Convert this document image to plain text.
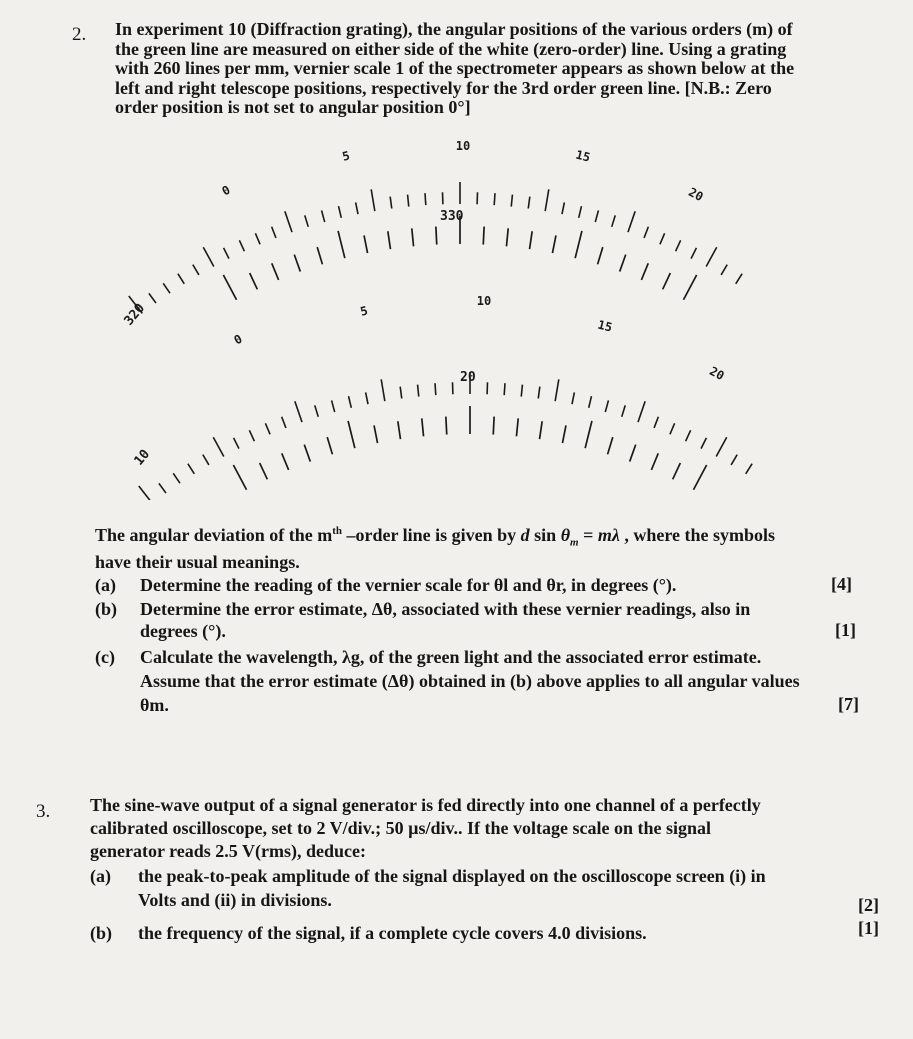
2. In experiment 10 (Diffraction grating), the angular positions of the various orders (m) of
the green line are measured on either side of the white (zero-order) line. Using a grating
with 260 lines per mm, vernier scale 1 of the spectrometer appears as shown below at the
left and right telescope positions, respectively for the 3rd order green line. [N.B.: Zero
order position is not set to angular position 0°]
320
330
0
5
10
15
20
10
20
0
5
10
15
20
The angular deviation of the $m^{th}$ –order line is given by d $\sin \theta_m = m\lambda$ , where the symbols
have their usual meanings.
(a) Determine the reading of the vernier scale for θl and θr, in degrees (°).	[4]
(b) Determine the error estimate, Δθ, associated with these vernier readings, also in
degrees (°).	[1]
(c) Calculate the wavelength, λg, of the green light and the associated error estimate.
Assume that the error estimate (Δθ) obtained in (b) above applies to all angular values
θm.	[7]
3. The sine-wave output of a signal generator is fed directly into one channel of a perfectly
calibrated oscilloscope, set to 2 V/div.; 50 µs/div.. If the voltage scale on the signal
generator reads 2.5 V(rms), deduce:
(a) the peak-to-peak amplitude of the signal displayed on the oscilloscope screen (i) in
Volts and (ii) in divisions.	[2]
(b) the frequency of the signal, if a complete cycle covers 4.0 divisions.	[1]
